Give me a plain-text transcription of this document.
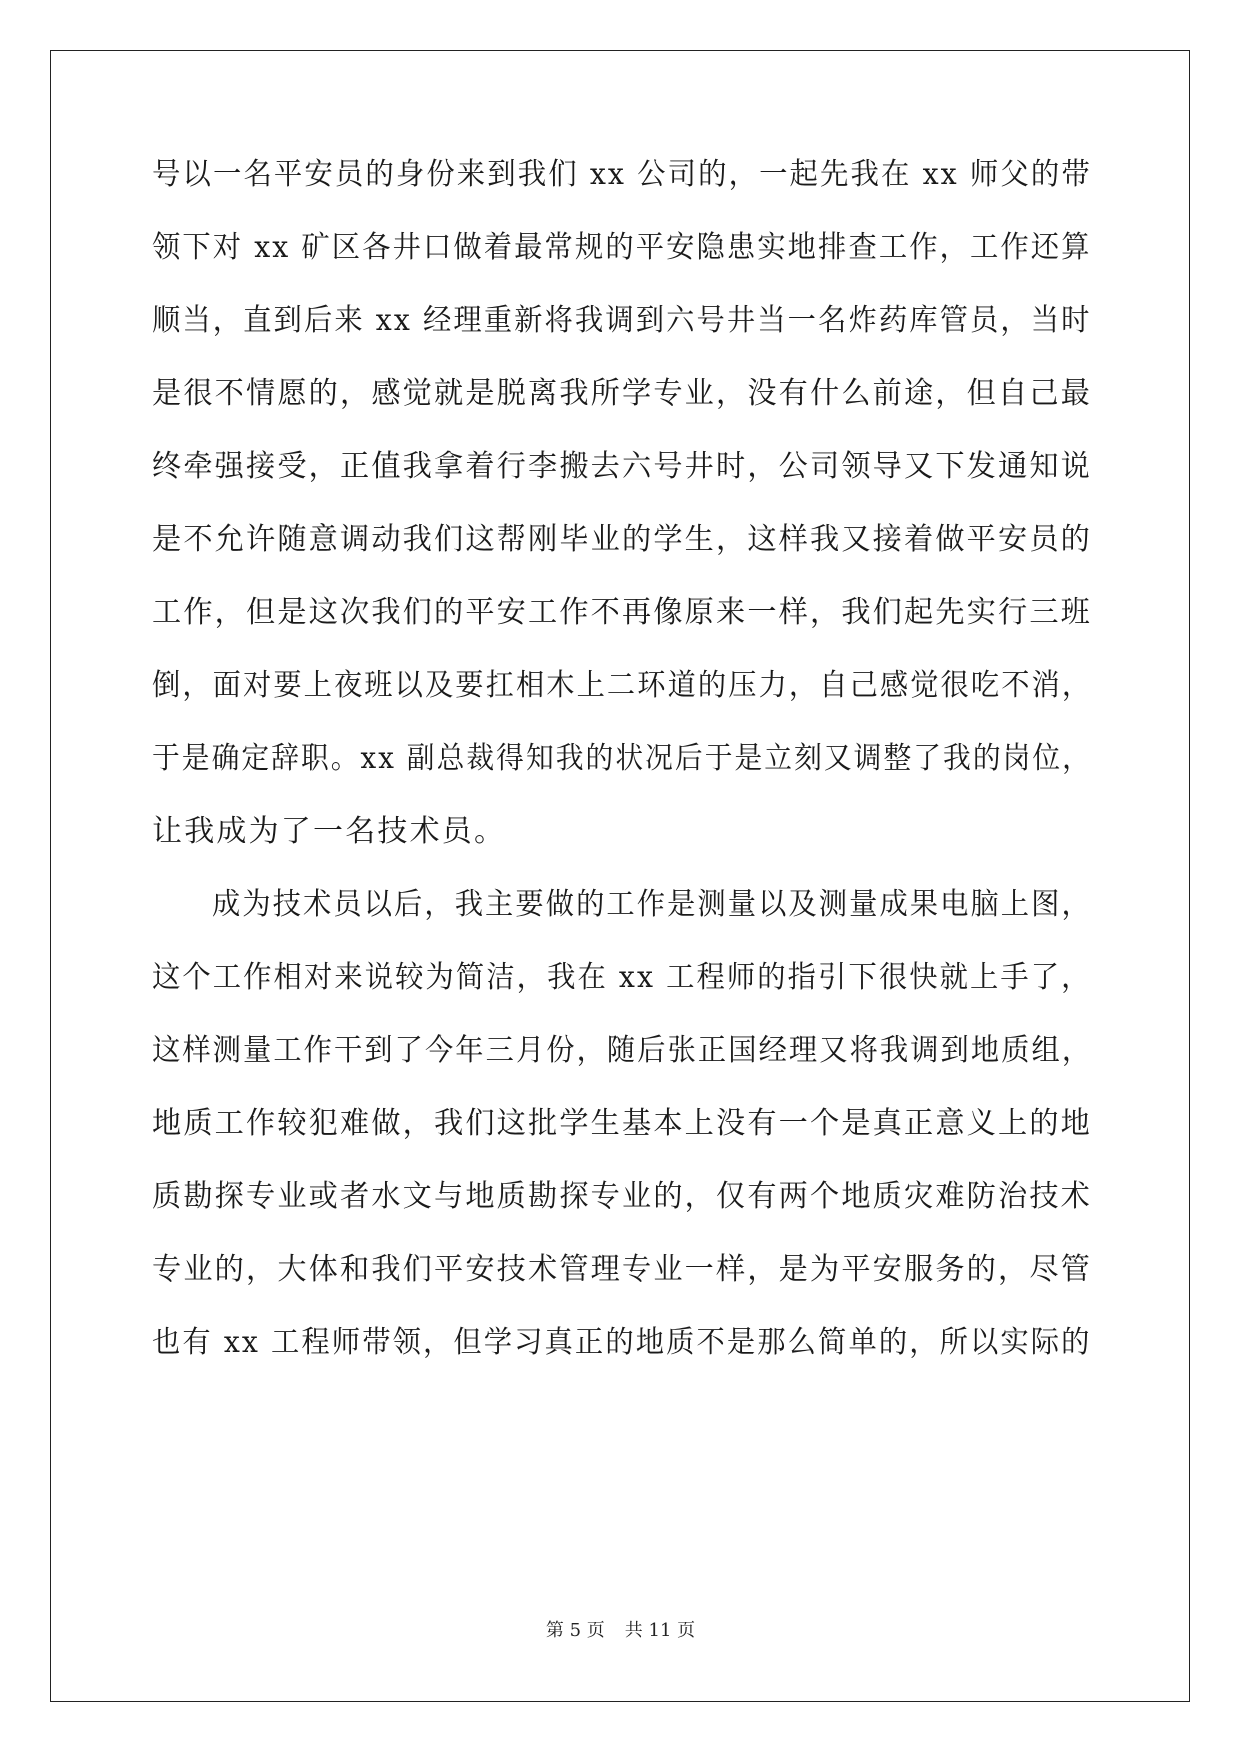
号以一名平安员的身份来到我们 xx 公司的，一起先我在 xx 师父的带
领下对 xx 矿区各井口做着最常规的平安隐患实地排查工作，工作还算
顺当，直到后来 xx 经理重新将我调到六号井当一名炸药库管员，当时
是很不情愿的，感觉就是脱离我所学专业，没有什么前途，但自己最
终牵强接受，正值我拿着行李搬去六号井时，公司领导又下发通知说
是不允许随意调动我们这帮刚毕业的学生，这样我又接着做平安员的
工作，但是这次我们的平安工作不再像原来一样，我们起先实行三班
倒，面对要上夜班以及要扛相木上二环道的压力，自己感觉很吃不消，
于是确定辞职。xx 副总裁得知我的状况后于是立刻又调整了我的岗位，
让我成为了一名技术员。
成为技术员以后，我主要做的工作是测量以及测量成果电脑上图，
这个工作相对来说较为简洁，我在 xx 工程师的指引下很快就上手了，
这样测量工作干到了今年三月份，随后张正国经理又将我调到地质组，
地质工作较犯难做，我们这批学生基本上没有一个是真正意义上的地
质勘探专业或者水文与地质勘探专业的，仅有两个地质灾难防治技术
专业的，大体和我们平安技术管理专业一样，是为平安服务的，尽管
也有 xx 工程师带领，但学习真正的地质不是那么简单的，所以实际的
第 5 页 共 11 页
